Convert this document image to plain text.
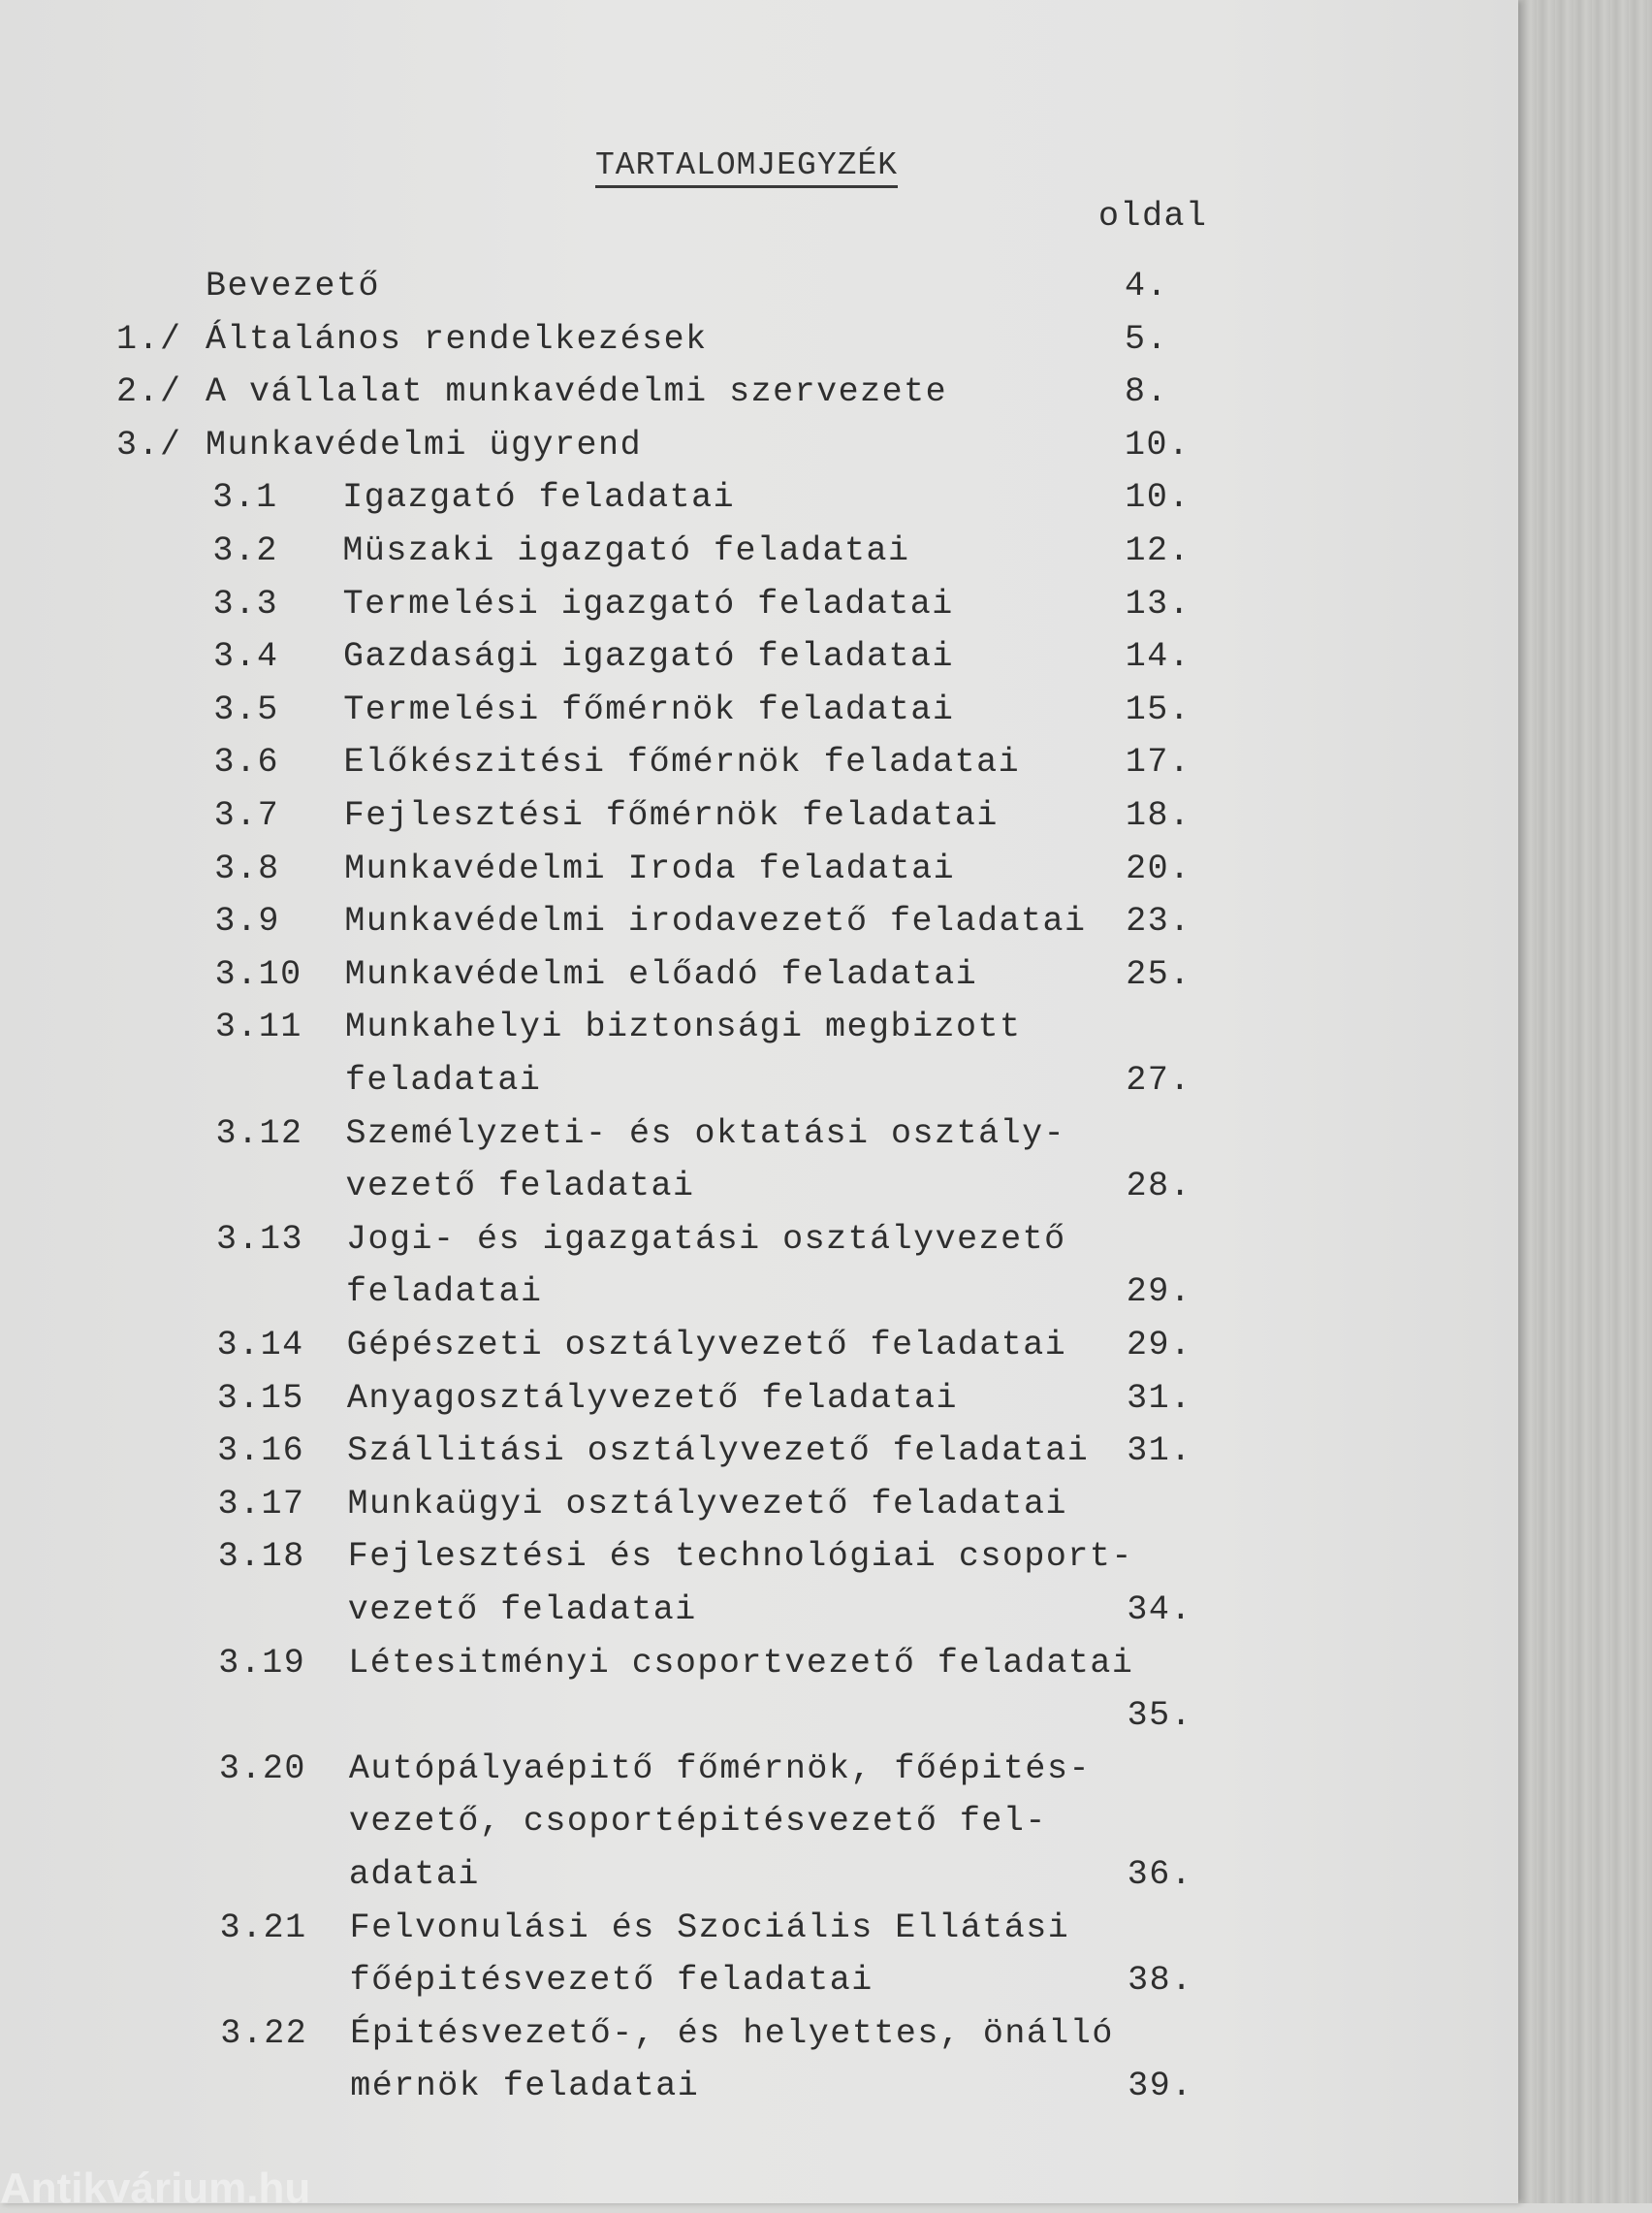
TARTALOMJEGYZÉK
oldal
Bevezető	4.
1./ Általános rendelkezések	5.
2./ A vállalat munkavédelmi szervezete	8.
3./ Munkavédelmi ügyrend	10.
3.1 Igazgató feladatai	10.
3.2 Müszaki igazgató feladatai	12.
3.3 Termelési igazgató feladatai	13.
3.4 Gazdasági igazgató feladatai	14.
3.5 Termelési főmérnök feladatai	15.
3.6 Előkészitési főmérnök feladatai	17.
3.7 Fejlesztési főmérnök feladatai	18.
3.8 Munkavédelmi Iroda feladatai	20.
3.9 Munkavédelmi irodavezető feladatai 23.
3.10 Munkavédelmi előadó feladatai	25.
3.11 Munkahelyi biztonsági megbizott
feladatai	27.
3.12 Személyzeti- és oktatási osztály-
vezető feladatai	28.
3.13 Jogi- és igazgatási osztályvezető
feladatai	29.
3.14 Gépészeti osztályvezető feladatai 29.
3.15 Anyagosztályvezető feladatai	31.
3.16 Szállitási osztályvezető feladatai 31.
3.17 Munkaügyi osztályvezető feladatai
3.18 Fejlesztési és technológiai csoport-
vezető feladatai	34.
3.19 Létesitményi csoportvezető feladatai
35.
3.20 Autópályaépitő főmérnök, főépités-
vezető, csoportépitésvezető fel-
adatai	36.
3.21 Felvonulási és Szociális Ellátási
főépitésvezető feladatai	38.
3.22 Épitésvezető-, és helyettes, önálló
mérnök feladatai	39.
Antikvárium.hu
